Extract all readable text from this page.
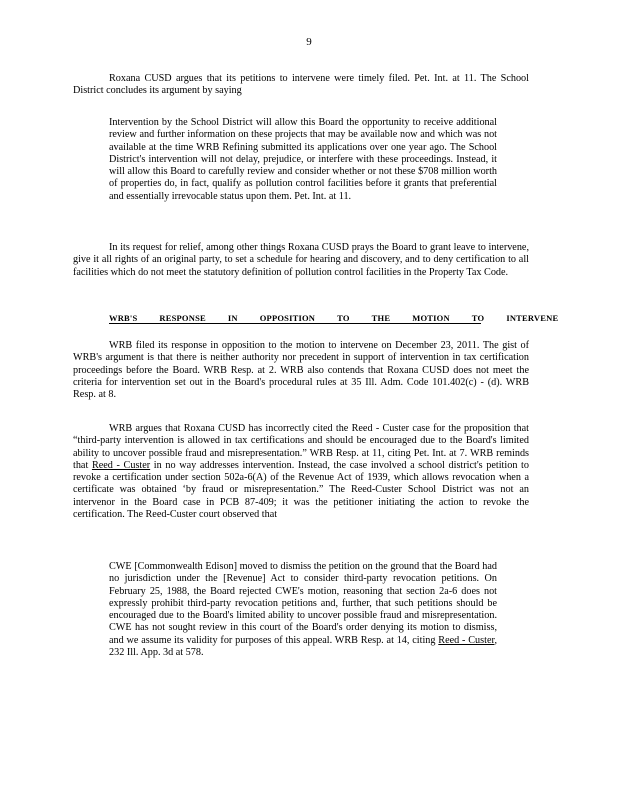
9
Roxana CUSD argues that its petitions to intervene were timely filed. Pet. Int. at 11. The School District concludes its argument by saying
Intervention by the School District will allow this Board the opportunity to receive additional review and further information on these projects that may be available now and which was not available at the time WRB Refining submitted its applications over one year ago. The School District's intervention will not delay, prejudice, or interfere with these proceedings. Instead, it will allow this Board to carefully review and consider whether or not these $708 million worth of properties do, in fact, qualify as pollution control facilities before it grants that preferential and essentially irrevocable status upon them. Pet. Int. at 11.
In its request for relief, among other things Roxana CUSD prays the Board to grant leave to intervene, give it all rights of an original party, to set a schedule for hearing and discovery, and to deny certification to all facilities which do not meet the statutory definition of pollution control facilities in the Property Tax Code.
WRB'S	RESPONSE	IN	OPPOSITION	TO	THE	MOTION	TO	INTERVENE
WRB filed its response in opposition to the motion to intervene on December 23, 2011. The gist of WRB's argument is that there is neither authority nor precedent in support of intervention in tax certification proceedings before the Board. WRB Resp. at 2. WRB also contends that Roxana CUSD does not meet the criteria for intervention set out in the Board's procedural rules at 35 Ill. Adm. Code 101.402(c) - (d). WRB Resp. at 8.
WRB argues that Roxana CUSD has incorrectly cited the Reed - Custer case for the proposition that “third-party intervention is allowed in tax certifications and should be encouraged due to the Board's limited ability to uncover possible fraud and misrepresentation.” WRB Resp. at 11, citing Pet. Int. at 7. WRB reminds that Reed - Custer in no way addresses intervention. Instead, the case involved a school district's petition to revoke a certification under section 502a-6(A) of the Revenue Act of 1939, which allows revocation when a certificate was obtained ‘by fraud or misrepresentation.” The Reed-Custer School District was not an intervenor in the Board case in PCB 87-409; it was the petitioner initiating the action to revoke the certification. The Reed-Custer court observed that
CWE [Commonwealth Edison] moved to dismiss the petition on the ground that the Board had no jurisdiction under the [Revenue] Act to consider third-party revocation petitions. On February 25, 1988, the Board rejected CWE's motion, reasoning that section 2a-6 does not expressly prohibit third-party revocation petitions and, further, that such petitions should be encouraged due to the Board's limited ability to uncover possible fraud and misrepresentation. CWE has not sought review in this court of the Board's order denying its motion to dismiss, and we assume its validity for purposes of this appeal. WRB Resp. at 14, citing Reed - Custer, 232 Ill. App. 3d at 578.
